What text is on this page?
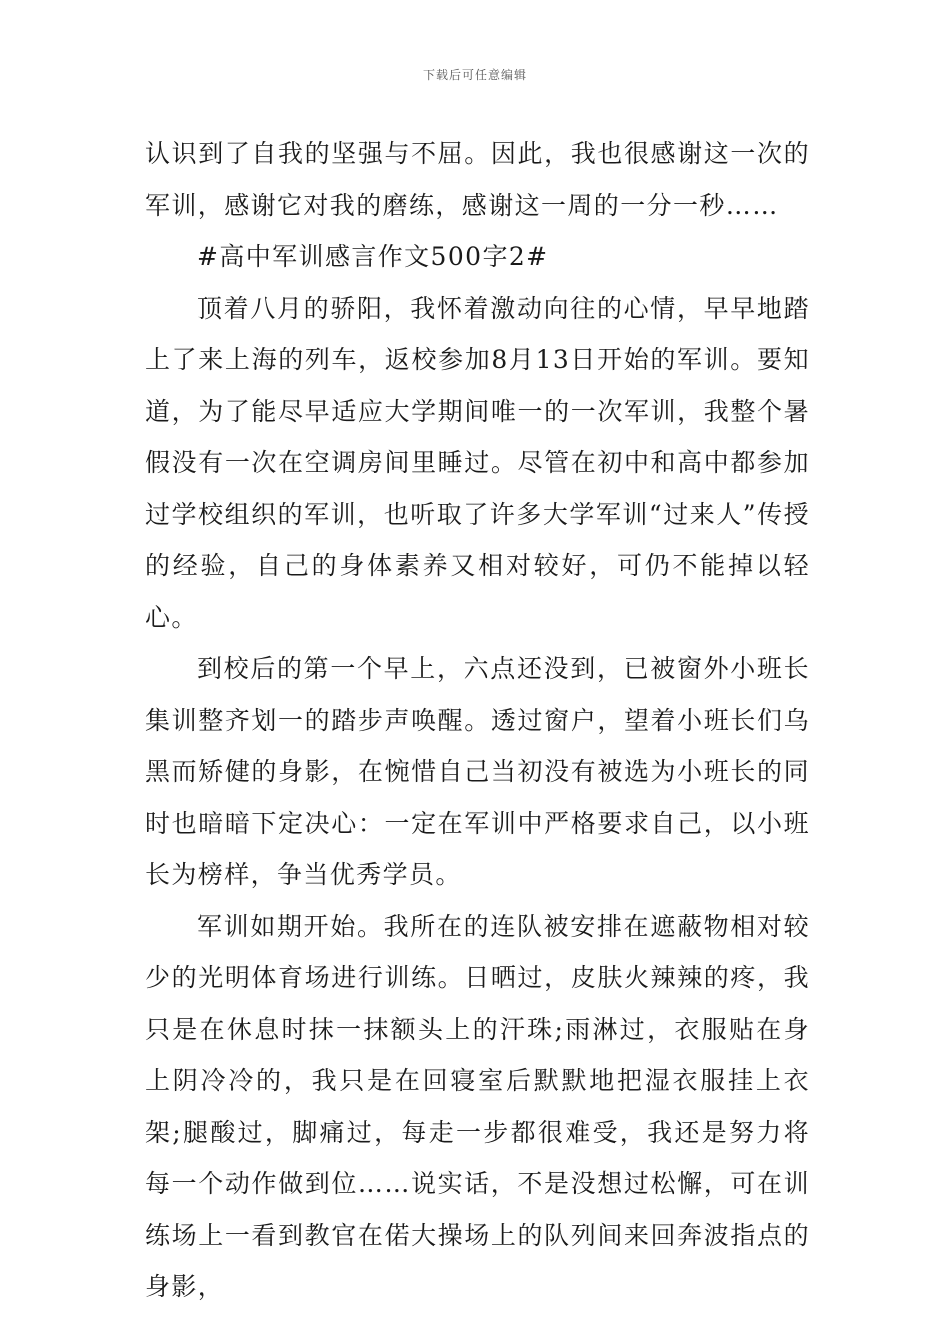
下载后可任意编辑

认识到了自我的坚强与不屈。因此，我也很感谢这一次的军训，感谢它对我的磨练，感谢这一周的一分一秒……

#高中军训感言作文500字2#

顶着八月的骄阳，我怀着激动向往的心情，早早地踏上了来上海的列车，返校参加8月13日开始的军训。要知道，为了能尽早适应大学期间唯一的一次军训，我整个暑假没有一次在空调房间里睡过。尽管在初中和高中都参加过学校组织的军训，也听取了许多大学军训“过来人”传授的经验，自己的身体素养又相对较好，可仍不能掉以轻心。

到校后的第一个早上，六点还没到，已被窗外小班长集训整齐划一的踏步声唤醒。透过窗户，望着小班长们乌黑而矫健的身影，在惋惜自己当初没有被选为小班长的同时也暗暗下定决心：一定在军训中严格要求自己，以小班长为榜样，争当优秀学员。

军训如期开始。我所在的连队被安排在遮蔽物相对较少的光明体育场进行训练。日晒过，皮肤火辣辣的疼，我只是在休息时抹一抹额头上的汗珠;雨淋过，衣服贴在身上阴冷冷的，我只是在回寝室后默默地把湿衣服挂上衣架;腿酸过，脚痛过，每走一步都很难受，我还是努力将每一个动作做到位……说实话，不是没想过松懈，可在训练场上一看到教官在偌大操场上的队列间来回奔波指点的身影，
